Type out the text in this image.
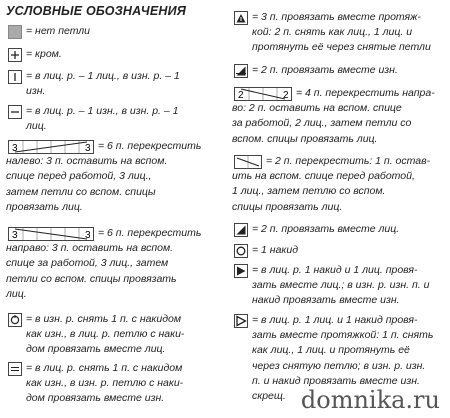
УСЛОВНЫЕ ОБОЗНАЧЕНИЯ
= нет петли
= кром.
= в лиц. р. – 1 лиц., в изн. р. – 1
изн.
= в лиц. р. – 1 изн., в изн. р. – 1
лиц.
3	3 = 6 п. перекрестить
налево: 3 п. оставить на вспом.
спице перед работой, 3 лиц.,
затем петли со вспом. спицы
провязать лиц.
3	3 = 6 п. перекрестить
направо: 3 п. оставить на вспом.
спице за работой, 3 лиц., затем
петли со вспом. спицы провязать
лиц.
= в изн. р. снять 1 п. с накидом
как изн., в лиц. р. петлю с наки-
дом провязать вместе лиц.
= в лиц. р. снять 1 п. с накидом
как изн., в изн. р. петлю с наки-
дом провязать вместе изн.
= 3 п. провязать вместе протяж-
кой: 2 п. снять как лиц., 1 лиц. и
протянуть её через снятые петли
= 2 п. провязать вместе изн.
2	2 = 4 п. перекрестить напра-
во: 2 п. оставить на вспом. спице
за работой, 2 лиц., затем петли со
вспом. спицы провязать лиц.
= 2 п. перекрестить: 1 п. остав-
ить на вспом. спице перед работой,
1 лиц., затем петлю со вспом.
спицы провязать лиц.
= 2 п. провязать вместе лиц.
= 1 накид
= в лиц. р. 1 накид и 1 лиц. провя-
зать вместе лиц.; в изн. р. изн. п. и
накид провязать вместе изн.
= в лиц. р. 1 лиц. и 1 накид провя-
зать вместе протяжкой: 1 п. снять
как лиц., 1 лиц. и протянуть её
через снятую петлю; в изн. р. изн.
п. и накид провязать вместе изн.
скрещ. domnika.ru
